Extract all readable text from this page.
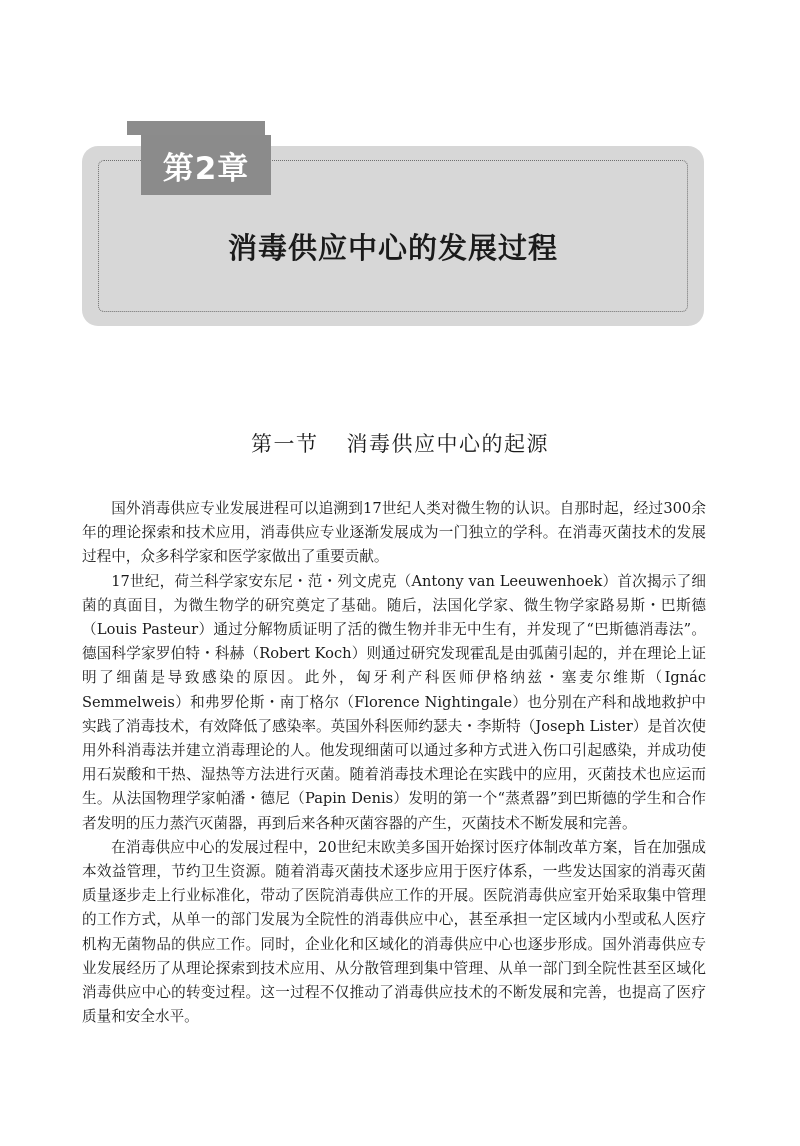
第2章
消毒供应中心的发展过程
第一节 消毒供应中心的起源

国外消毒供应专业发展进程可以追溯到17世纪人类对微生物的认识。自那时起，经过300余年的理论探索和技术应用，消毒供应专业逐渐发展成为一门独立的学科。在消毒灭菌技术的发展过程中，众多科学家和医学家做出了重要贡献。

17世纪，荷兰科学家安东尼・范・列文虎克（Antony van Leeuwenhoek）首次揭示了细菌的真面目，为微生物学的研究奠定了基础。随后，法国化学家、微生物学家路易斯・巴斯德（Louis Pasteur）通过分解物质证明了活的微生物并非无中生有，并发现了“巴斯德消毒法”。德国科学家罗伯特・科赫（Robert Koch）则通过研究发现霍乱是由弧菌引起的，并在理论上证明了细菌是导致感染的原因。此外，匈牙利产科医师伊格纳兹・塞麦尔维斯（Ignác Semmelweis）和弗罗伦斯・南丁格尔（Florence Nightingale）也分别在产科和战地救护中实践了消毒技术，有效降低了感染率。英国外科医师约瑟夫・李斯特（Joseph Lister）是首次使用外科消毒法并建立消毒理论的人。他发现细菌可以通过多种方式进入伤口引起感染，并成功使用石炭酸和干热、湿热等方法进行灭菌。随着消毒技术理论在实践中的应用，灭菌技术也应运而生。从法国物理学家帕潘・德尼（Papin Denis）发明的第一个“蒸煮器”到巴斯德的学生和合作者发明的压力蒸汽灭菌器，再到后来各种灭菌容器的产生，灭菌技术不断发展和完善。

在消毒供应中心的发展过程中，20世纪末欧美多国开始探讨医疗体制改革方案，旨在加强成本效益管理，节约卫生资源。随着消毒灭菌技术逐步应用于医疗体系，一些发达国家的消毒灭菌质量逐步走上行业标准化，带动了医院消毒供应工作的开展。医院消毒供应室开始采取集中管理的工作方式，从单一的部门发展为全院性的消毒供应中心，甚至承担一定区域内小型或私人医疗机构无菌物品的供应工作。同时，企业化和区域化的消毒供应中心也逐步形成。国外消毒供应专业发展经历了从理论探索到技术应用、从分散管理到集中管理、从单一部门到全院性甚至区域化消毒供应中心的转变过程。这一过程不仅推动了消毒供应技术的不断发展和完善，也提高了医疗质量和安全水平。
